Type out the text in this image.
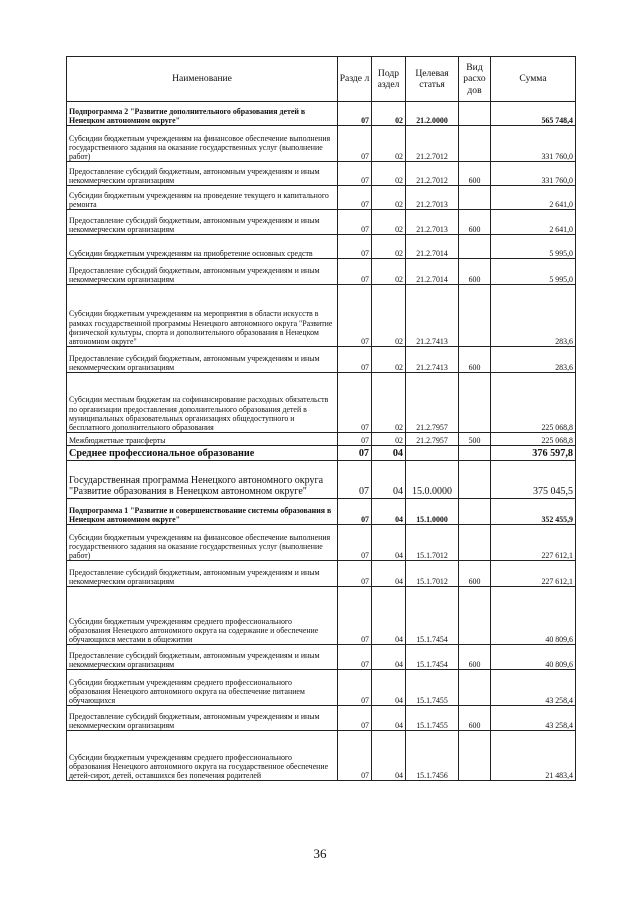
Наименование	Разде л	Подр аздел	Целевая статья	Вид расхо дов	Сумма
Подпрограмма 2 "Развитие дополнительного образования детей в Ненецком автономном округе"	07	02	21.2.0000		565 748,4
Субсидии бюджетным учреждениям на финансовое обеспечение выполнения государственного задания на оказание государственных услуг (выполнение работ)	07	02	21.2.7012		331 760,0
Предоставление субсидий бюджетным, автономным учреждениям и иным некоммерческим организациям	07	02	21.2.7012	600	331 760,0
Субсидии бюджетным учреждениям на проведение текущего и капитального ремонта	07	02	21.2.7013		2 641,0
Предоставление субсидий бюджетным, автономным учреждениям и иным некоммерческим организациям	07	02	21.2.7013	600	2 641,0
Субсидии бюджетным учреждениям на приобретение основных средств	07	02	21.2.7014		5 995,0
Предоставление субсидий бюджетным, автономным учреждениям и иным некоммерческим организациям	07	02	21.2.7014	600	5 995,0
Субсидии бюджетным учреждениям на мероприятия в области искусств в рамках государственной программы Ненецкого автономного округа "Развитие физической культуры, спорта и дополнительного образования в Ненецком автономном округе"	07	02	21.2.7413		283,6
Предоставление субсидий бюджетным, автономным учреждениям и иным некоммерческим организациям	07	02	21.2.7413	600	283,6
Субсидии местным бюджетам на софинансирование расходных обязательств по организации предоставления дополнительного образования детей в муниципальных образовательных организациях общедоступного и бесплатного дополнительного образования	07	02	21.2.7957		225 068,8
Межбюджетные трансферты	07	02	21.2.7957	500	225 068,8
Среднее профессиональное образование	07	04			376 597,8
Государственная программа Ненецкого автономного округа "Развитие образования в Ненецком автономном округе"	07	04	15.0.0000		375 045,5
Подпрограмма 1 "Развитие и совершенствование системы образования в Ненецком автономном округе"	07	04	15.1.0000		352 455,9
Субсидии бюджетным учреждениям на финансовое обеспечение выполнения государственного задания на оказание государственных услуг (выполнение работ)	07	04	15.1.7012		227 612,1
Предоставление субсидий бюджетным, автономным учреждениям и иным некоммерческим организациям	07	04	15.1.7012	600	227 612,1
Субсидии бюджетным учреждениям среднего профессионального образования Ненецкого автономного округа на содержание и обеспечение обучающихся местами в общежитии	07	04	15.1.7454		40 809,6
Предоставление субсидий бюджетным, автономным учреждениям и иным некоммерческим организациям	07	04	15.1.7454	600	40 809,6
Субсидии бюджетным учреждениям среднего профессионального образования Ненецкого автономного округа на обеспечение питанием обучающихся	07	04	15.1.7455		43 258,4
Предоставление субсидий бюджетным, автономным учреждениям и иным некоммерческим организациям	07	04	15.1.7455	600	43 258,4
Субсидии бюджетным учреждениям среднего профессионального образования Ненецкого автономного округа на государственное обеспечение детей-сирот, детей, оставшихся без попечения родителей	07	04	15.1.7456		21 483,4
36
